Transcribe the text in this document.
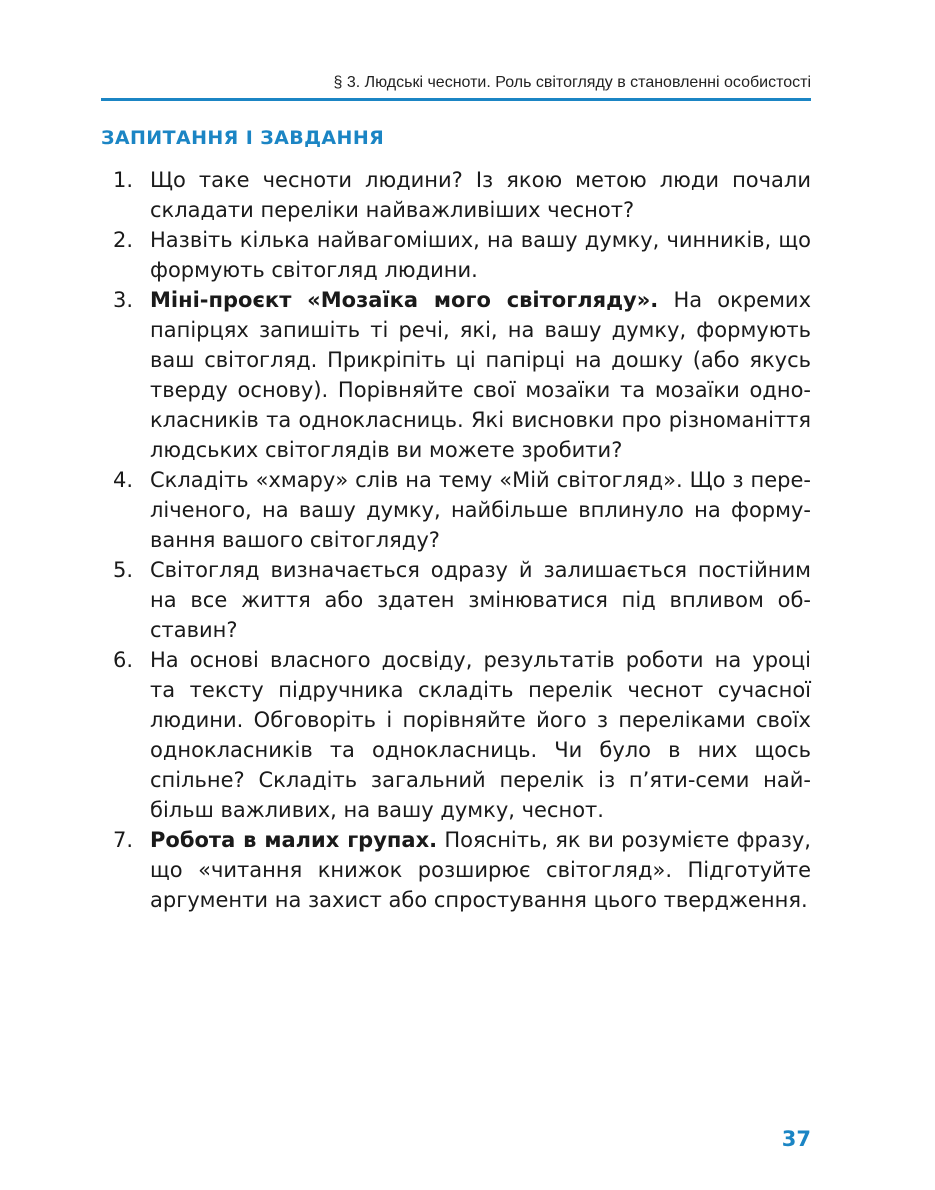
§ 3. Людські чесноти. Роль світогляду в становленні особистості
ЗАПИТАННЯ І ЗАВДАННЯ
1. Що таке чесноти людини? Із якою метою люди почали складати переліки найважливіших чеснот?
2. Назвіть кілька найвагоміших, на вашу думку, чинників, що формують світогляд людини.
3. Міні-проєкт «Мозаїка мого світогляду». На окремих папірцях запишіть ті речі, які, на вашу думку, формують ваш світогляд. Прикріпіть ці папірці на дошку (або якусь тверду основу). Порівняйте свої мозаїки та мозаїки однокласників та однокласниць. Які висновки про різноманіття людських світоглядів ви можете зробити?
4. Складіть «хмару» слів на тему «Мій світогляд». Що з переліченого, на вашу думку, найбільше вплинуло на формування вашого світогляду?
5. Світогляд визначається одразу й залишається постійним на все життя або здатен змінюватися під впливом обставин?
6. На основі власного досвіду, результатів роботи на уроці та тексту підручника складіть перелік чеснот сучасної людини. Обговоріть і порівняйте його з переліками своїх однокласників та однокласниць. Чи було в них щось спільне? Складіть загальний перелік із п’яти-семи найбільш важливих, на вашу думку, чеснот.
7. Робота в малих групах. Поясніть, як ви розумієте фразу, що «читання книжок розширює світогляд». Підготуйте аргументи на захист або спростування цього твердження.
37
